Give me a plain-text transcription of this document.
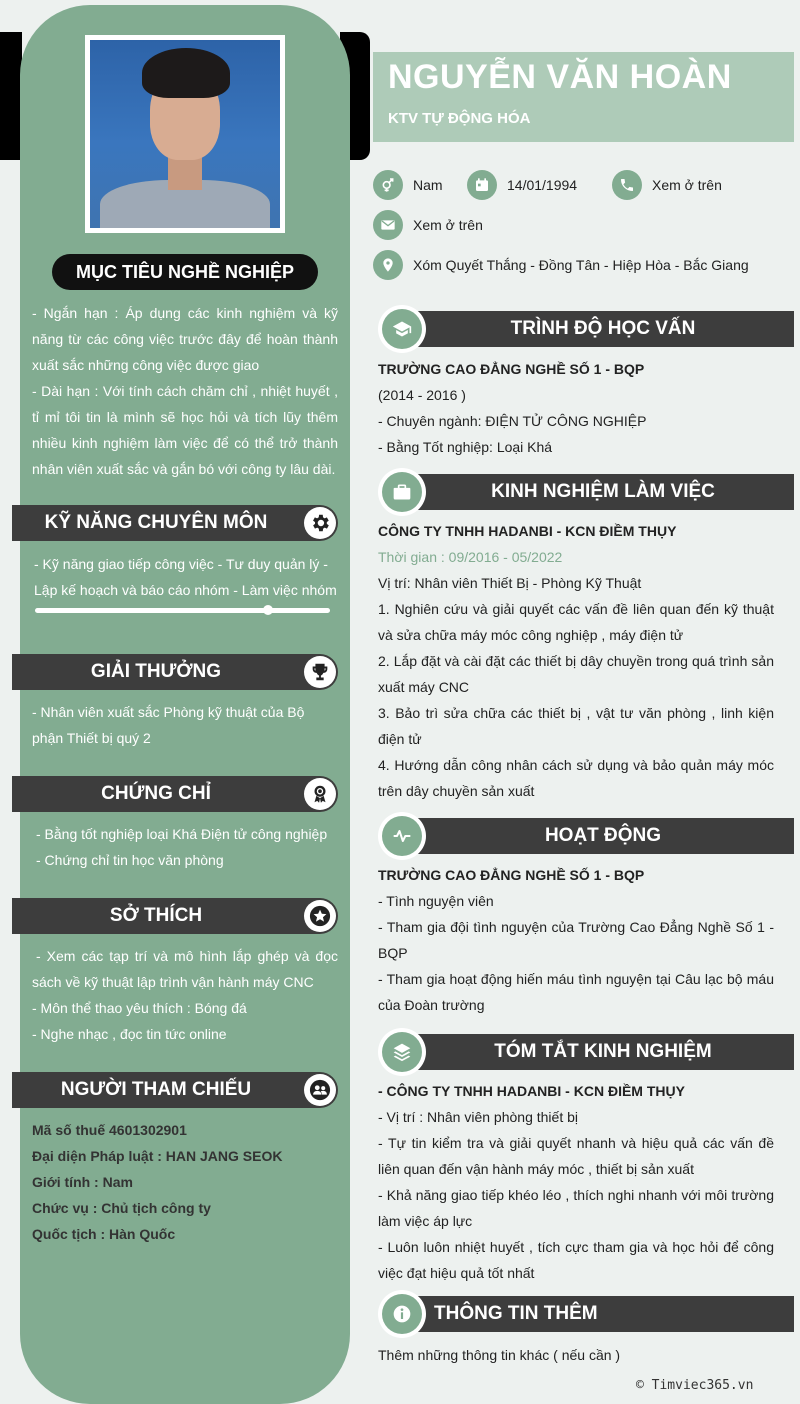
MỤC TIÊU NGHỀ NGHIỆP

- Ngắn hạn : Áp dụng các kinh nghiệm và kỹ năng từ các công việc trước đây để hoàn thành xuất sắc những công việc được giao

- Dài hạn : Với tính cách chăm chỉ , nhiệt huyết , tỉ mỉ tôi tin là mình sẽ học hỏi và tích lũy thêm nhiều kinh nghiệm làm việc để có thể trở thành nhân viên xuất sắc và gắn bó với công ty lâu dài.

KỸ NĂNG CHUYÊN MÔN
- Kỹ năng giao tiếp công việc - Tư duy quản lý - Lập kế hoạch và báo cáo nhóm - Làm việc nhóm
GIẢI THƯỞNG
- Nhân viên xuất sắc Phòng kỹ thuật của Bộ phận Thiết bị quý 2
CHỨNG CHỈ

- Bằng tốt nghiệp loại Khá Điện tử công nghiệp

- Chứng chỉ tin học văn phòng

SỞ THÍCH

- Xem các tạp trí và mô hình lắp ghép và đọc sách về kỹ thuật lập trình vận hành máy CNC

- Môn thể thao yêu thích : Bóng đá

- Nghe nhạc , đọc tin tức online

NGƯỜI THAM CHIẾU

Mã số thuế 4601302901

Đại diện Pháp luật : HAN JANG SEOK

Giới tính : Nam

Chức vụ : Chủ tịch công ty

Quốc tịch : Hàn Quốc

NGUYỄN VĂN HOÀN
KTV TỰ ĐỘNG HÓA
Nam	14/01/1994	Xem ở trên
Xem ở trên
Xóm Quyết Thắng - Đồng Tân - Hiệp Hòa - Bắc Giang
TRÌNH ĐỘ HỌC VẤN

TRƯỜNG CAO ĐẲNG NGHỀ SỐ 1 - BQP

(2014 - 2016 )

- Chuyên ngành: ĐIỆN TỬ CÔNG NGHIỆP

- Bằng Tốt nghiệp: Loại Khá

KINH NGHIỆM LÀM VIỆC

CÔNG TY TNHH HADANBI - KCN ĐIỀM THỤY

Thời gian : 09/2016 - 05/2022

Vị trí: Nhân viên Thiết Bị - Phòng Kỹ Thuật

1. Nghiên cứu và giải quyết các vấn đề liên quan đến kỹ thuật và sửa chữa máy móc công nghiệp , máy điện tử

2. Lắp đặt và cài đặt các thiết bị dây chuyền trong quá trình sản xuất máy CNC

3. Bảo trì sửa chữa các thiết bị , vật tư văn phòng , linh kiện điện tử

4. Hướng dẫn công nhân cách sử dụng và bảo quản máy móc trên dây chuyền sản xuất

HOẠT ĐỘNG

TRƯỜNG CAO ĐẲNG NGHỀ SỐ 1 - BQP

- Tình nguyện viên

- Tham gia đội tình nguyện của Trường Cao Đẳng Nghề Số 1 - BQP

- Tham gia hoạt động hiến máu tình nguyện tại Câu lạc bộ máu của Đoàn trường

TÓM TẮT KINH NGHIỆM

- CÔNG TY TNHH HADANBI - KCN ĐIỀM THỤY

- Vị trí : Nhân viên phòng thiết bị

- Tự tin kiểm tra và giải quyết nhanh và hiệu quả các vấn đề liên quan đến vận hành máy móc , thiết bị sản xuất

- Khả năng giao tiếp khéo léo , thích nghi nhanh với môi trường làm việc áp lực

- Luôn luôn nhiệt huyết , tích cực tham gia và học hỏi để công việc đạt hiệu quả tốt nhất

THÔNG TIN THÊM
Thêm những thông tin khác ( nếu cần )
© Timviec365.vn
